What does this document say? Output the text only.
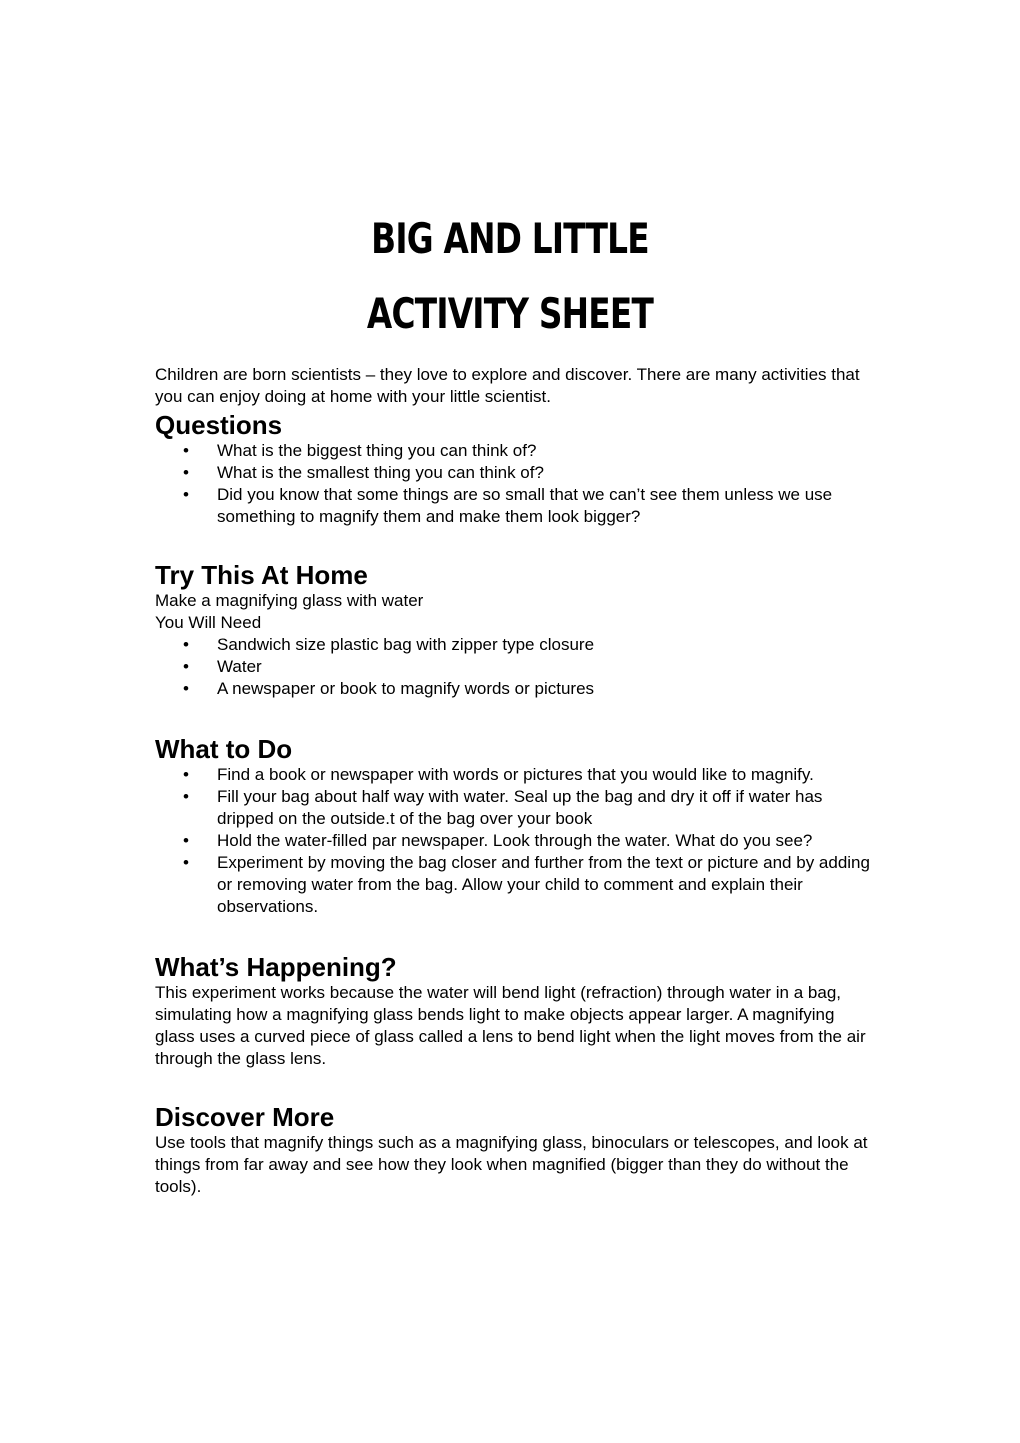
BIG AND LITTLE
ACTIVITY SHEET

Children are born scientists – they love to explore and discover. There are many activities that you can enjoy doing at home with your little scientist.

Questions
• What is the biggest thing you can think of?
• What is the smallest thing you can think of?
• Did you know that some things are so small that we can’t see them unless we use something to magnify them and make them look bigger?
Try This At Home

Make a magnifying glass with water

You Will Need

• Sandwich size plastic bag with zipper type closure
• Water
• A newspaper or book to magnify words or pictures
What to Do
• Find a book or newspaper with words or pictures that you would like to magnify.
• Fill your bag about half way with water. Seal up the bag and dry it off if water has dripped on the outside.t of the bag over your book
• Hold the water-filled par newspaper. Look through the water. What do you see?
• Experiment by moving the bag closer and further from the text or picture and by adding or removing water from the bag. Allow your child to comment and explain their observations.
What’s Happening?

This experiment works because the water will bend light (refraction) through water in a bag, simulating how a magnifying glass bends light to make objects appear larger. A magnifying glass uses a curved piece of glass called a lens to bend light when the light moves from the air through the glass lens.

Discover More

Use tools that magnify things such as a magnifying glass, binoculars or telescopes, and look at things from far away and see how they look when magnified (bigger than they do without the tools).
